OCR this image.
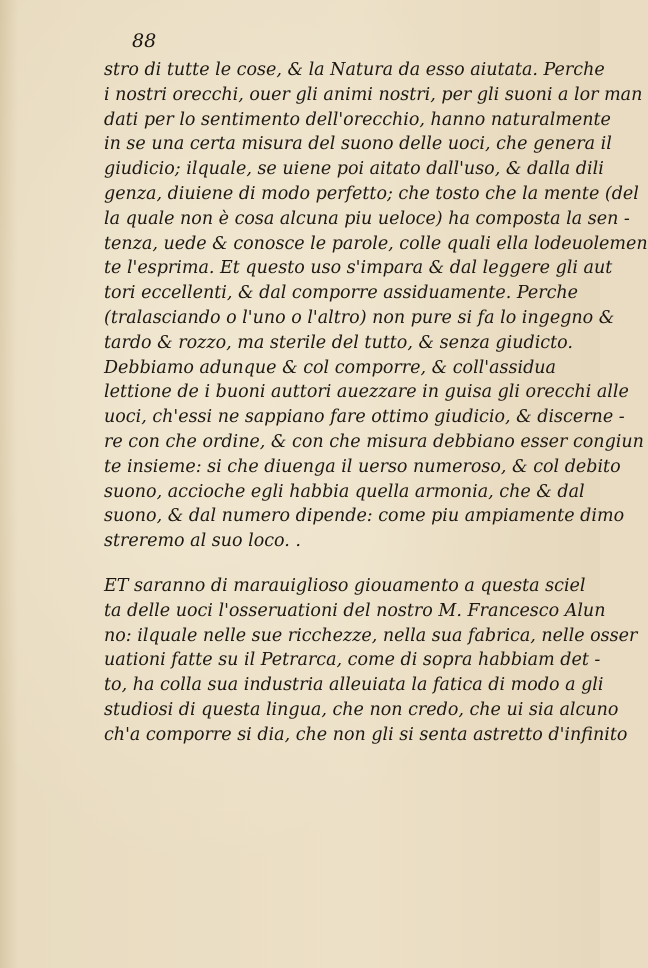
88
stro di tutte le cose, & la Natura da esso aiutata. Perche
i nostri orecchi, ouer gli animi nostri, per gli suoni a lor man
dati per lo sentimento dell'orecchio, hanno naturalmente
in se una certa misura del suono delle uoci, che genera il
giudicio; ilquale, se uiene poi aitato dall'uso, & dalla dili
genza, diuiene di modo perfetto; che tosto che la mente (del
la quale non è cosa alcuna piu ueloce) ha composta la sen -
tenza, uede & conosce le parole, colle quali ella lodeuolemen
te l'esprima. Et questo uso s'impara & dal leggere gli aut
tori eccellenti, & dal comporre assiduamente. Perche
(tralasciando o l'uno o l'altro) non pure si fa lo ingegno &
tardo & rozzo, ma sterile del tutto, & senza giudicto.
Debbiamo adunque & col comporre, & coll'assidua
lettione de i buoni auttori auezzare in guisa gli orecchi alle
uoci, ch'essi ne sappiano fare ottimo giudicio, & discerne -
re con che ordine, & con che misura debbiano esser congiun
te insieme: si che diuenga il uerso numeroso, & col debito
suono, accioche egli habbia quella armonia, che & dal
suono, & dal numero dipende: come piu ampiamente dimo
streremo al suo loco. .
ET saranno di marauiglioso giouamento a questa sciel
ta delle uoci l'osseruationi del nostro M. Francesco Alun
no: ilquale nelle sue ricchezze, nella sua fabrica, nelle osser
uationi fatte su il Petrarca, come di sopra habbiam det -
to, ha colla sua industria alleuiata la fatica di modo a gli
studiosi di questa lingua, che non credo, che ui sia alcuno
ch'a comporre si dia, che non gli si senta astretto d'infinito
